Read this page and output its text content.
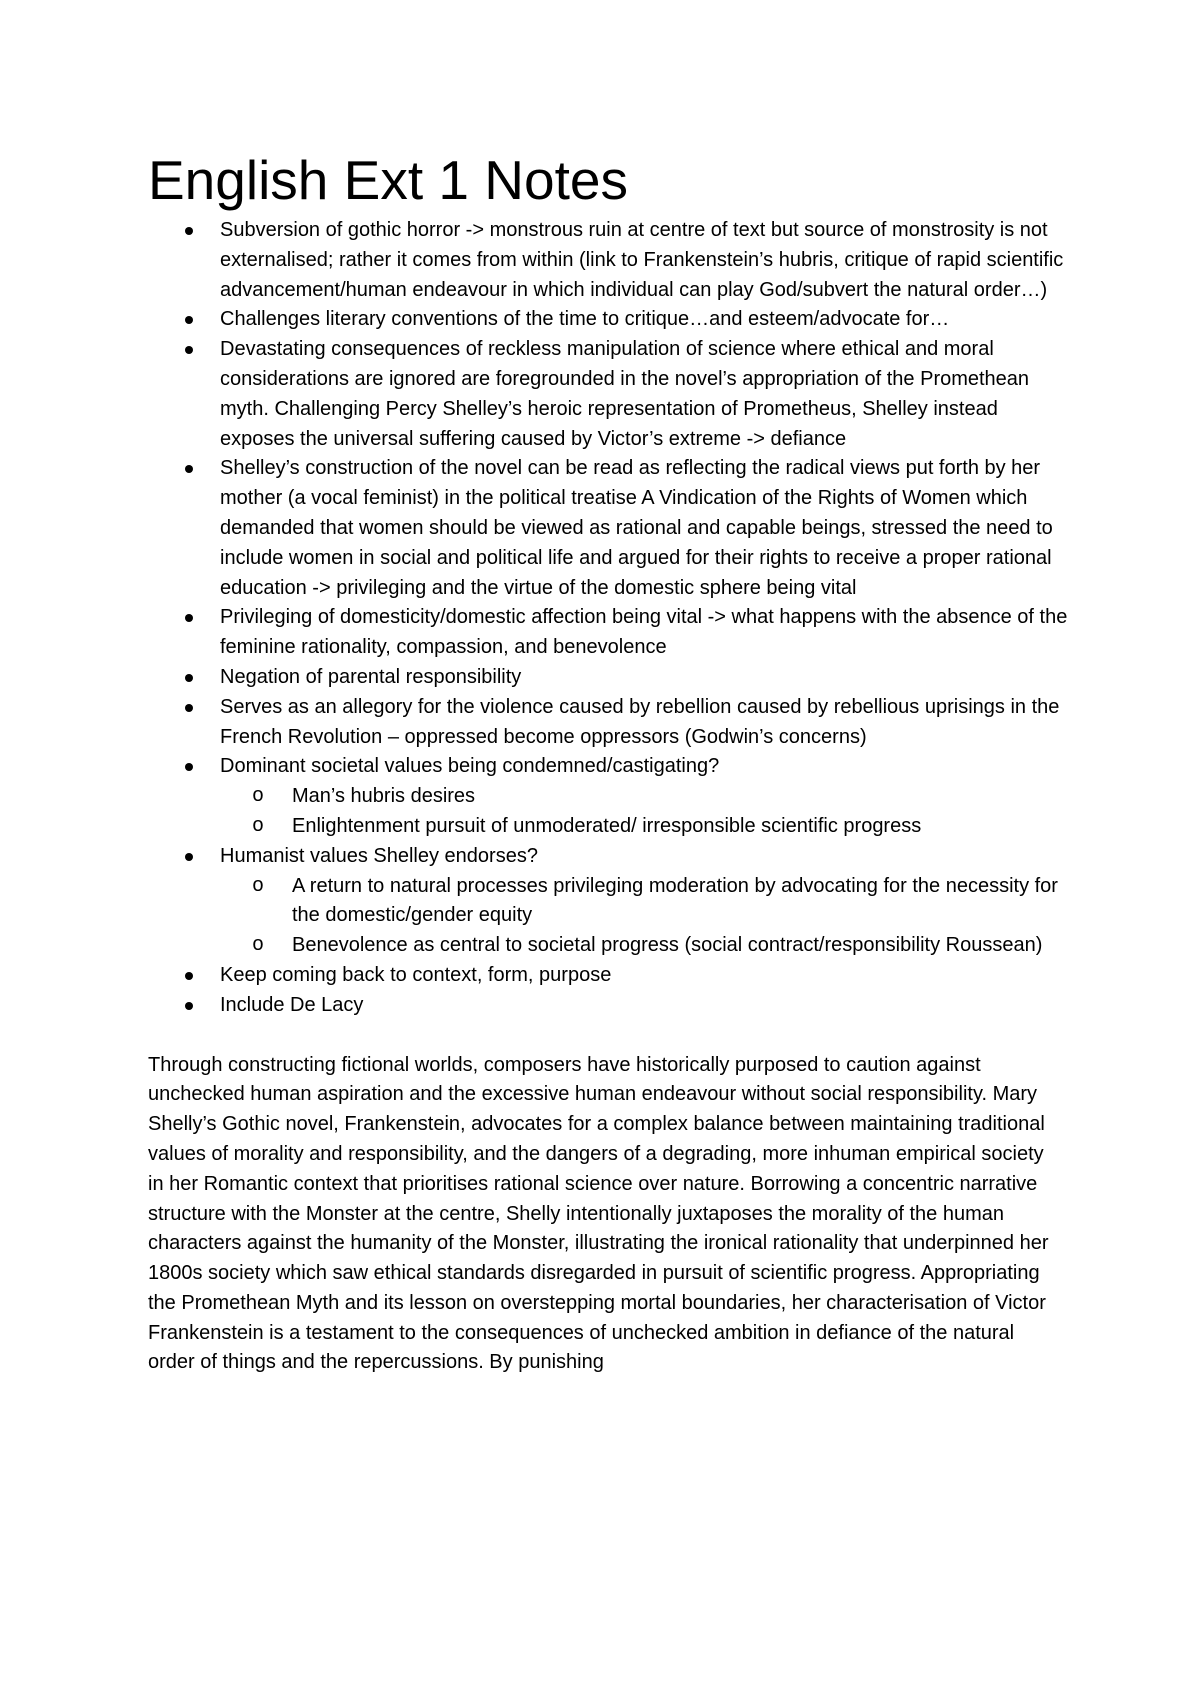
English Ext 1 Notes
Subversion of gothic horror -> monstrous ruin at centre of text but source of monstrosity is not externalised; rather it comes from within (link to Frankenstein’s hubris, critique of rapid scientific advancement/human endeavour in which individual can play God/subvert the natural order…)
Challenges literary conventions of the time to critique…and esteem/advocate for…
Devastating consequences of reckless manipulation of science where ethical and moral considerations are ignored are foregrounded in the novel’s appropriation of the Promethean myth. Challenging Percy Shelley’s heroic representation of Prometheus, Shelley instead exposes the universal suffering caused by Victor’s extreme -> defiance
Shelley’s construction of the novel can be read as reflecting the radical views put forth by her mother (a vocal feminist) in the political treatise A Vindication of the Rights of Women which demanded that women should be viewed as rational and capable beings, stressed the need to include women in social and political life and argued for their rights to receive a proper rational education -> privileging and the virtue of the domestic sphere being vital
Privileging of domesticity/domestic affection being vital -> what happens with the absence of the feminine rationality, compassion, and benevolence
Negation of parental responsibility
Serves as an allegory for the violence caused by rebellion caused by rebellious uprisings in the French Revolution – oppressed become oppressors (Godwin’s concerns)
Dominant societal values being condemned/castigating?
o Man’s hubris desires
o Enlightenment pursuit of unmoderated/ irresponsible scientific progress
Humanist values Shelley endorses?
o A return to natural processes privileging moderation by advocating for the necessity for the domestic/gender equity
o Benevolence as central to societal progress (social contract/responsibility Roussean)
Keep coming back to context, form, purpose
Include De Lacy

Through constructing fictional worlds, composers have historically purposed to caution against unchecked human aspiration and the excessive human endeavour without social responsibility. Mary Shelly’s Gothic novel, Frankenstein, advocates for a complex balance between maintaining traditional values of morality and responsibility, and the dangers of a degrading, more inhuman empirical society in her Romantic context that prioritises rational science over nature. Borrowing a concentric narrative structure with the Monster at the centre, Shelly intentionally juxtaposes the morality of the human characters against the humanity of the Monster, illustrating the ironical rationality that underpinned her 1800s society which saw ethical standards disregarded in pursuit of scientific progress. Appropriating the Promethean Myth and its lesson on overstepping mortal boundaries, her characterisation of Victor Frankenstein is a testament to the consequences of unchecked ambition in defiance of the natural order of things and the repercussions. By punishing
